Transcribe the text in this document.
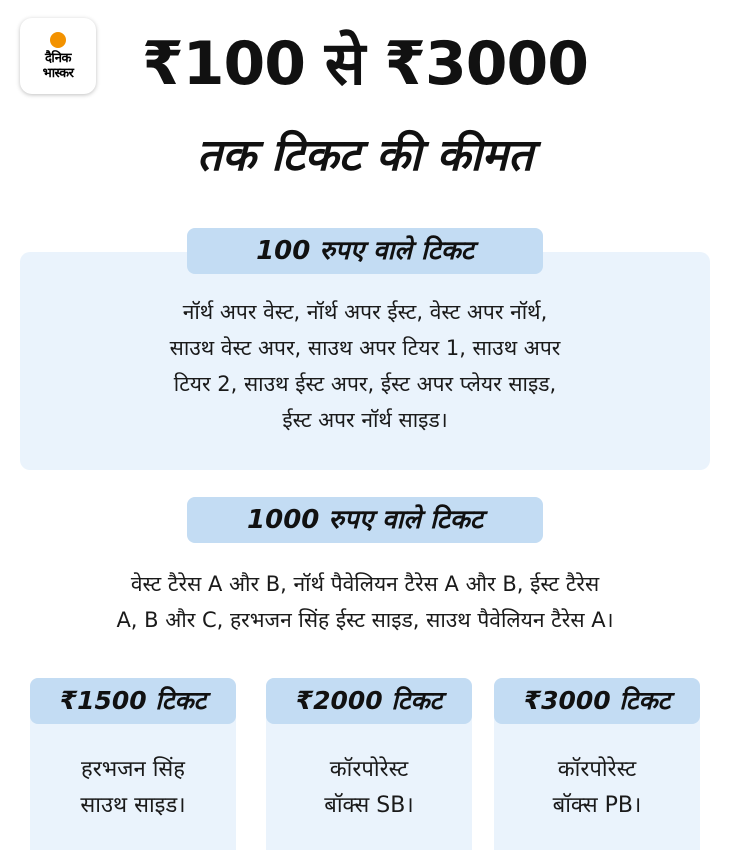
दैनिक
भास्कर	₹100 से ₹3000
तक टिकट की कीमत
100 रुपए वाले टिकट
नॉर्थ अपर वेस्ट, नॉर्थ अपर ईस्ट, वेस्ट अपर नॉर्थ,
साउथ वेस्ट अपर, साउथ अपर टियर 1, साउथ अपर
टियर 2, साउथ ईस्ट अपर, ईस्ट अपर प्लेयर साइड,
ईस्ट अपर नॉर्थ साइड।
1000 रुपए वाले टिकट
वेस्ट टैरेस A और B, नॉर्थ पैवेलियन टैरेस A और B, ईस्ट टैरेस
A, B और C, हरभजन सिंह ईस्ट साइड, साउथ पैवेलियन टैरेस A।
₹1500 टिकट
हरभजन सिंह
साउथ साइड।
₹2000 टिकट
कॉरपोरेस्ट
बॉक्स SB।
₹3000 टिकट
कॉरपोरेस्ट
बॉक्स PB।
